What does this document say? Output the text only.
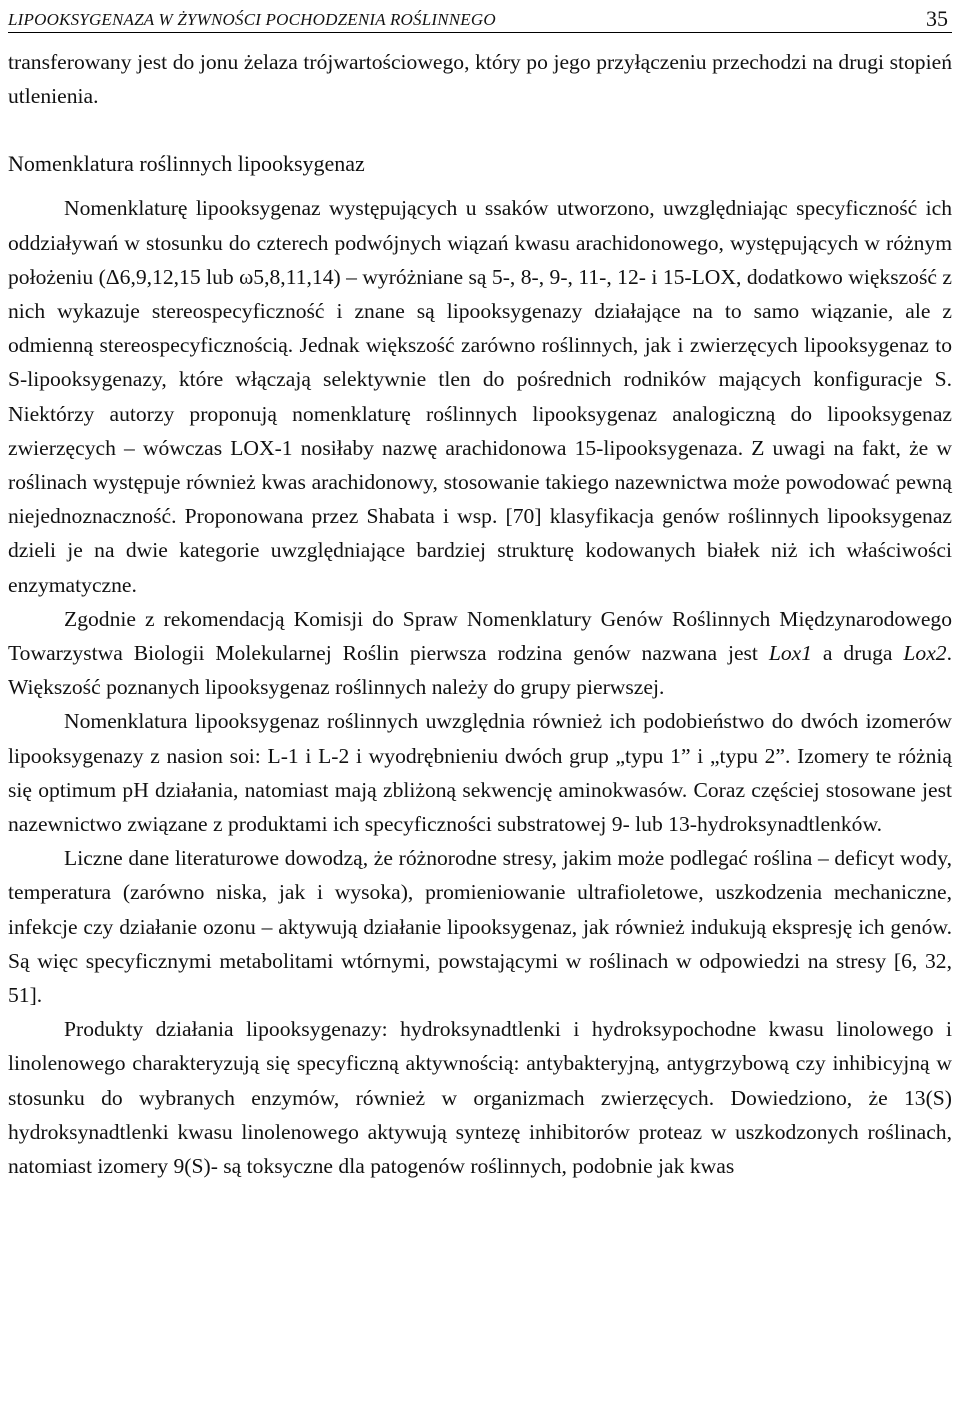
LIPOOKSYGENAZA W ŻYWNOŚCI POCHODZENIA ROŚLINNEGO	35

transferowany jest do jonu żelaza trójwartościowego, który po jego przyłączeniu przechodzi na drugi stopień utlenienia.

Nomenklatura roślinnych lipooksygenaz

Nomenklaturę lipooksygenaz występujących u ssaków utworzono, uwzględniając specyficzność ich oddziaływań w stosunku do czterech podwójnych wiązań kwasu arachidonowego, występujących w różnym położeniu (Δ6,9,12,15 lub ω5,8,11,14) – wyróżniane są 5-, 8-, 9-, 11-, 12- i 15-LOX, dodatkowo większość z nich wykazuje stereospecyficzność i znane są lipooksygenazy działające na to samo wiązanie, ale z odmienną stereospecyficznością. Jednak większość zarówno roślinnych, jak i zwierzęcych lipooksygenaz to S-lipooksygenazy, które włączają selektywnie tlen do pośrednich rodników mających konfiguracje S. Niektórzy autorzy proponują nomenklaturę roślinnych lipooksygenaz analogiczną do lipooksygenaz zwierzęcych – wówczas LOX-1 nosiłaby nazwę arachidonowa 15-lipooksygenaza. Z uwagi na fakt, że w roślinach występuje również kwas arachidonowy, stosowanie takiego nazewnictwa może powodować pewną niejednoznaczność. Proponowana przez Shabata i wsp. [70] klasyfikacja genów roślinnych lipooksygenaz dzieli je na dwie kategorie uwzględniające bardziej strukturę kodowanych białek niż ich właściwości enzymatyczne.

Zgodnie z rekomendacją Komisji do Spraw Nomenklatury Genów Roślinnych Międzynarodowego Towarzystwa Biologii Molekularnej Roślin pierwsza rodzina genów nazwana jest Lox1 a druga Lox2. Większość poznanych lipooksygenaz roślinnych należy do grupy pierwszej.

Nomenklatura lipooksygenaz roślinnych uwzględnia również ich podobieństwo do dwóch izomerów lipooksygenazy z nasion soi: L-1 i L-2 i wyodrębnieniu dwóch grup „typu 1” i „typu 2”. Izomery te różnią się optimum pH działania, natomiast mają zbliżoną sekwencję aminokwasów. Coraz częściej stosowane jest nazewnictwo związane z produktami ich specyficzności substratowej 9- lub 13-hydroksynadtlenków.

Liczne dane literaturowe dowodzą, że różnorodne stresy, jakim może podlegać roślina – deficyt wody, temperatura (zarówno niska, jak i wysoka), promieniowanie ultrafioletowe, uszkodzenia mechaniczne, infekcje czy działanie ozonu – aktywują działanie lipooksygenaz, jak również indukują ekspresję ich genów. Są więc specyficznymi metabolitami wtórnymi, powstającymi w roślinach w odpowiedzi na stresy [6, 32, 51].

Produkty działania lipooksygenazy: hydroksynadtlenki i hydroksypochodne kwasu linolowego i linolenowego charakteryzują się specyficzną aktywnością: antybakteryjną, antygrzybową czy inhibicyjną w stosunku do wybranych enzymów, również w organizmach zwierzęcych. Dowiedziono, że 13(S) hydroksynadtlenki kwasu linolenowego aktywują syntezę inhibitorów proteaz w uszkodzonych roślinach, natomiast izomery 9(S)- są toksyczne dla patogenów roślinnych, podobnie jak kwas
